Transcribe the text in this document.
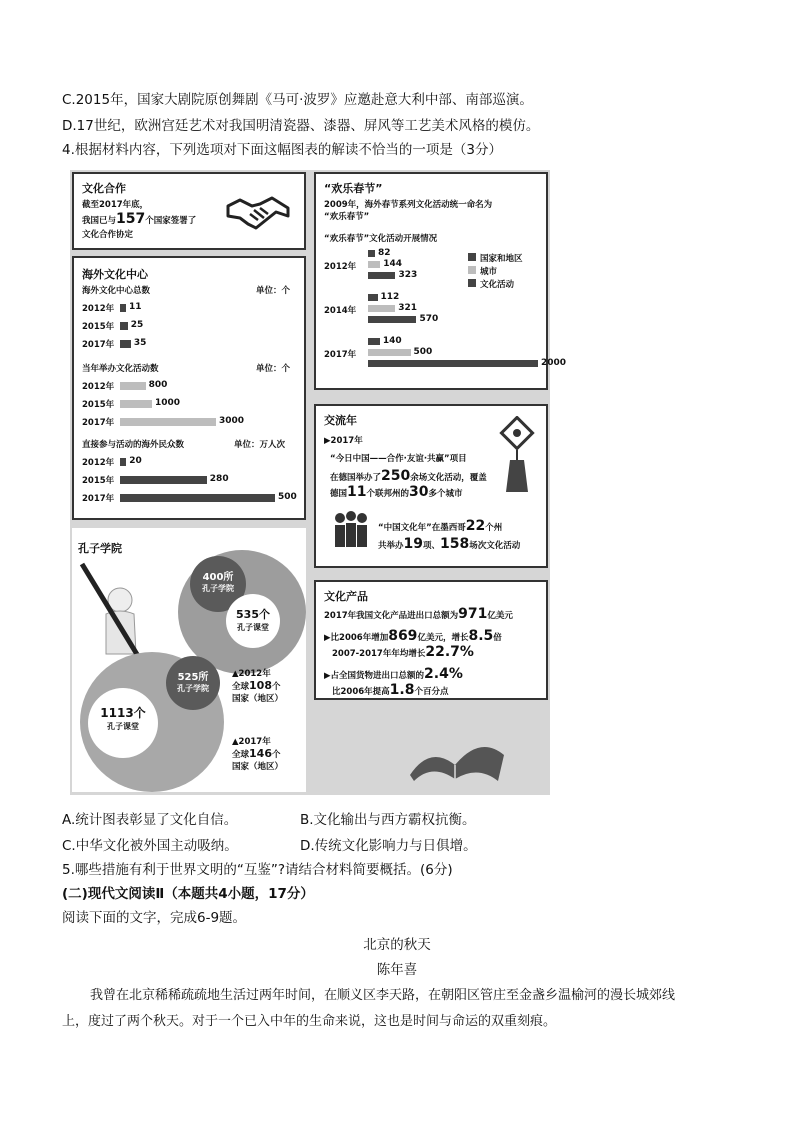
C.2015年，国家大剧院原创舞剧《马可·波罗》应邀赴意大利中部、南部巡演。
D.17世纪，欧洲宫廷艺术对我国明清瓷器、漆器、屏风等工艺美术风格的模仿。
4.根据材料内容，下列选项对下面这幅图表的解读不恰当的一项是（3分）
文化合作
截至2017年底，
我国已与157个国家签署了
文化合作协定
海外文化中心
海外文化中心总数	单位：个
2012年 11
2015年 25
2017年 35
当年举办文化活动数	单位：个
2012年	800
2015年	1000
2017年	3000
直接参与活动的海外民众数	单位：万人次
2012年 20
2015年	280
2017年	500
“欢乐春节”
2009年，海外春节系列文化活动统一命名为
“欢乐春节”
“欢乐春节”文化活动开展情况
2012年
82
144
323
2014年
112
321
570
2017年
140
500
2000
国家和地区
城市
文化活动
交流年
▶2017年
“今日中国——合作·友谊·共赢”项目
在德国举办了250余场文化活动，覆盖
德国11个联邦州的30多个城市
“中国文化年”在墨西哥22个州
共举办19项、158场次文化活动
孔子学院
400所
孔子学院
535个
孔子课堂
525所
孔子学院
1113个
孔子课堂
▲2012年
全球108个
国家（地区）
▲2017年
全球146个
国家（地区）
文化产品
2017年我国文化产品进出口总额为971亿美元
▶比2006年增加869亿美元，增长8.5倍
2007-2017年年均增长22.7%
▶占全国货物进出口总额的2.4%
比2006年提高1.8个百分点
A.统计图表彰显了文化自信。	B.文化输出与西方霸权抗衡。
C.中华文化被外国主动吸纳。	D.传统文化影响力与日俱增。
5.哪些措施有利于世界文明的“互鉴”?请结合材料简要概括。(6分)
(二)现代文阅读Ⅱ（本题共4小题，17分）
阅读下面的文字，完成6-9题。
北京的秋天
陈年喜
我曾在北京稀稀疏疏地生活过两年时间，在顺义区李天路，在朝阳区管庄至金盏乡温榆河的漫长城郊线
上，度过了两个秋天。对于一个已入中年的生命来说，这也是时间与命运的双重刻痕。
